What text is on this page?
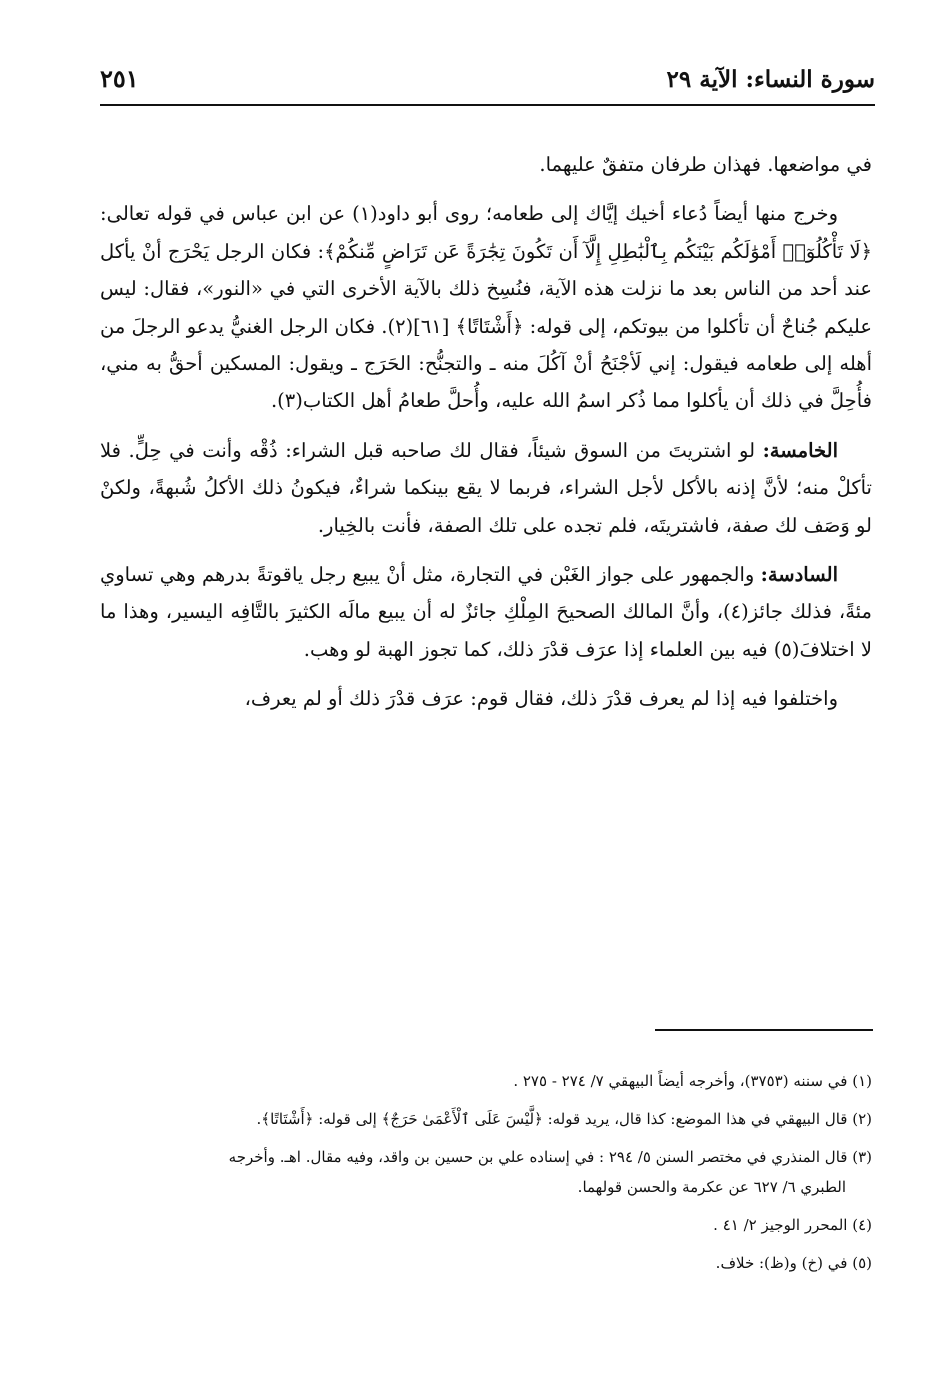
سورة النساء: الآية ٢٩
٢٥١

في مواضعها. فهذان طرفان متفقٌ عليهما.

وخرج منها أيضاً دُعاء أخيك إيَّاك إلى طعامه؛ روى أبو داود(١) عن ابن عباس في قوله تعالى: ﴿لَا تَأْكُلُوٓا۟ أَمْوَٰلَكُم بَيْنَكُم بِٱلْبَٰطِلِ إِلَّآ أَن تَكُونَ تِجَٰرَةً عَن تَرَاضٍ مِّنكُمْ﴾: فكان الرجل يَحْرَج أنْ يأكل عند أحد من الناس بعد ما نزلت هذه الآية، فنُسِخ ذلك بالآية الأخرى التي في «النور»، فقال: ليس عليكم جُناحٌ أن تأكلوا من بيوتكم، إلى قوله: ﴿أَشْتَاتًا﴾ [٦١](٢). فكان الرجل الغنيُّ يدعو الرجلَ من أهله إلى طعامه فيقول: إني لَأجْنَحُ أنْ آكُلَ منه ـ والتجنُّح: الحَرَج ـ ويقول: المسكين أحقُّ به مني، فأُحِلَّ في ذلك أن يأكلوا مما ذُكر اسمُ الله عليه، وأُحلَّ طعامُ أهل الكتاب(٣).

الخامسة: لو اشتريتَ من السوق شيئاً، فقال لك صاحبه قبل الشراء: ذُقْه وأنت في حِلٍّ. فلا تأكلْ منه؛ لأنَّ إذنه بالأكل لأجل الشراء، فربما لا يقع بينكما شراءٌ، فيكونُ ذلك الأكلُ شُبهةً، ولكنْ لو وَصَف لك صفة، فاشتريتَه، فلم تجده على تلك الصفة، فأنت بالخِيار.

السادسة: والجمهور على جواز الغَبْن في التجارة، مثل أنْ يبيع رجل ياقوتةً بدرهم وهي تساوي مئةً، فذلك جائز(٤)، وأنَّ المالك الصحيحَ المِلْكِ جائزٌ له أن يبيع مالَه الكثيرَ بالتَّافِه اليسير، وهذا ما لا اختلافَ(٥) فيه بين العلماء إذا عرَف قدْرَ ذلك، كما تجوز الهبة لو وهب.

واختلفوا فيه إذا لم يعرف قدْرَ ذلك، فقال قوم: عرَف قدْرَ ذلك أو لم يعرف،

(١) في سننه (٣٧٥٣)، وأخرجه أيضاً البيهقي ٧/ ٢٧٤ - ٢٧٥ .

(٢) قال البيهقي في هذا الموضع: كذا قال، يريد قوله: ﴿لَّيْسَ عَلَى ٱلْأَعْمَىٰ حَرَجٌ﴾ إلى قوله: ﴿أَشْتَاتًا﴾.

(٣) قال المنذري في مختصر السنن ٥/ ٢٩٤ : في إسناده علي بن حسين بن واقد، وفيه مقال. اهـ. وأخرجه

الطبري ٦/ ٦٢٧ عن عكرمة والحسن قولهما.

(٤) المحرر الوجيز ٢/ ٤١ .

(٥) في (خ) و(ظ): خلاف.
